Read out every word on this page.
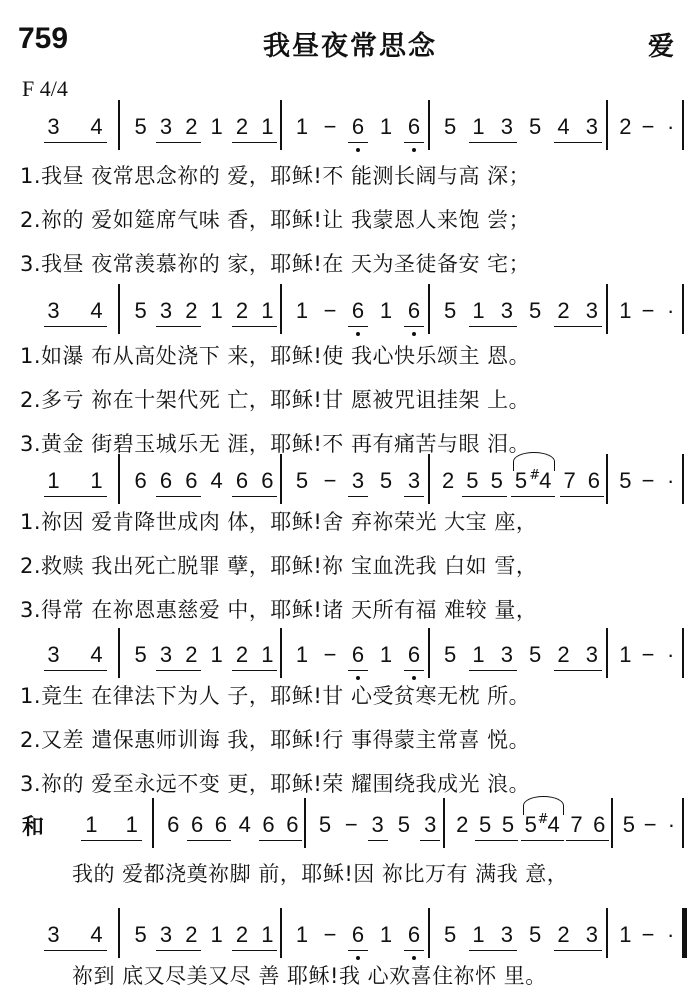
759	我昼夜常思念	爱
F 4/4
3 4 5 3 2 1 2 1 1 − 6 1 6 5 1 3 5 4 3 2 − ·
1.我昼 夜常思念祢的 爱，耶稣!不 能测长阔与高 深；
2.祢的 爱如筵席气味 香，耶稣!让 我蒙恩人来饱 尝；
3.我昼 夜常羡慕祢的 家，耶稣!在 天为圣徒备安 宅；
3 4 5 3 2 1 2 1 1 − 6 1 6 5 1 3 5 2 3 1 − ·
1.如瀑 布从高处浇下 来，耶稣!使 我心快乐颂主 恩。
2.多亏 祢在十架代死 亡，耶稣!甘 愿被咒诅挂架 上。
3.黄金 街碧玉城乐无 涯，耶稣!不 再有痛苦与眼 泪。
1 1 6 6 6 4 6 6 5 − 3 5 3 2 5 5 5 #
4 7 6 5 − ·
1.祢因 爱肯降世成肉 体，耶稣!舍 弃祢荣光 大宝 座，
2.救赎 我出死亡脱罪 孽，耶稣!祢 宝血洗我 白如 雪，
3.得常 在祢恩惠慈爱 中，耶稣!诸 天所有福 难较 量，
3 4 5 3 2 1 2 1 1 − 6 1 6 5 1 3 5 2 3 1 − ·
1.竟生 在律法下为人 子，耶稣!甘 心受贫寒无枕 所。
2.又差 遣保惠师训诲 我，耶稣!行 事得蒙主常喜 悦。
3.祢的 爱至永远不变 更，耶稣!荣 耀围绕我成光 浪。
和 1 1 6 6 6 4 6 6 5 − 3 5 3 2 5 5 5 #
4 7 6 5 − ·
我的 爱都浇奠祢脚 前，耶稣!因 祢比万有 满我 意，
3 4 5 3 2 1 2 1 1 − 6 1 6 5 1 3 5 2 3 1 − ·
祢到 底又尽美又尽 善 耶稣!我 心欢喜住祢怀 里。
